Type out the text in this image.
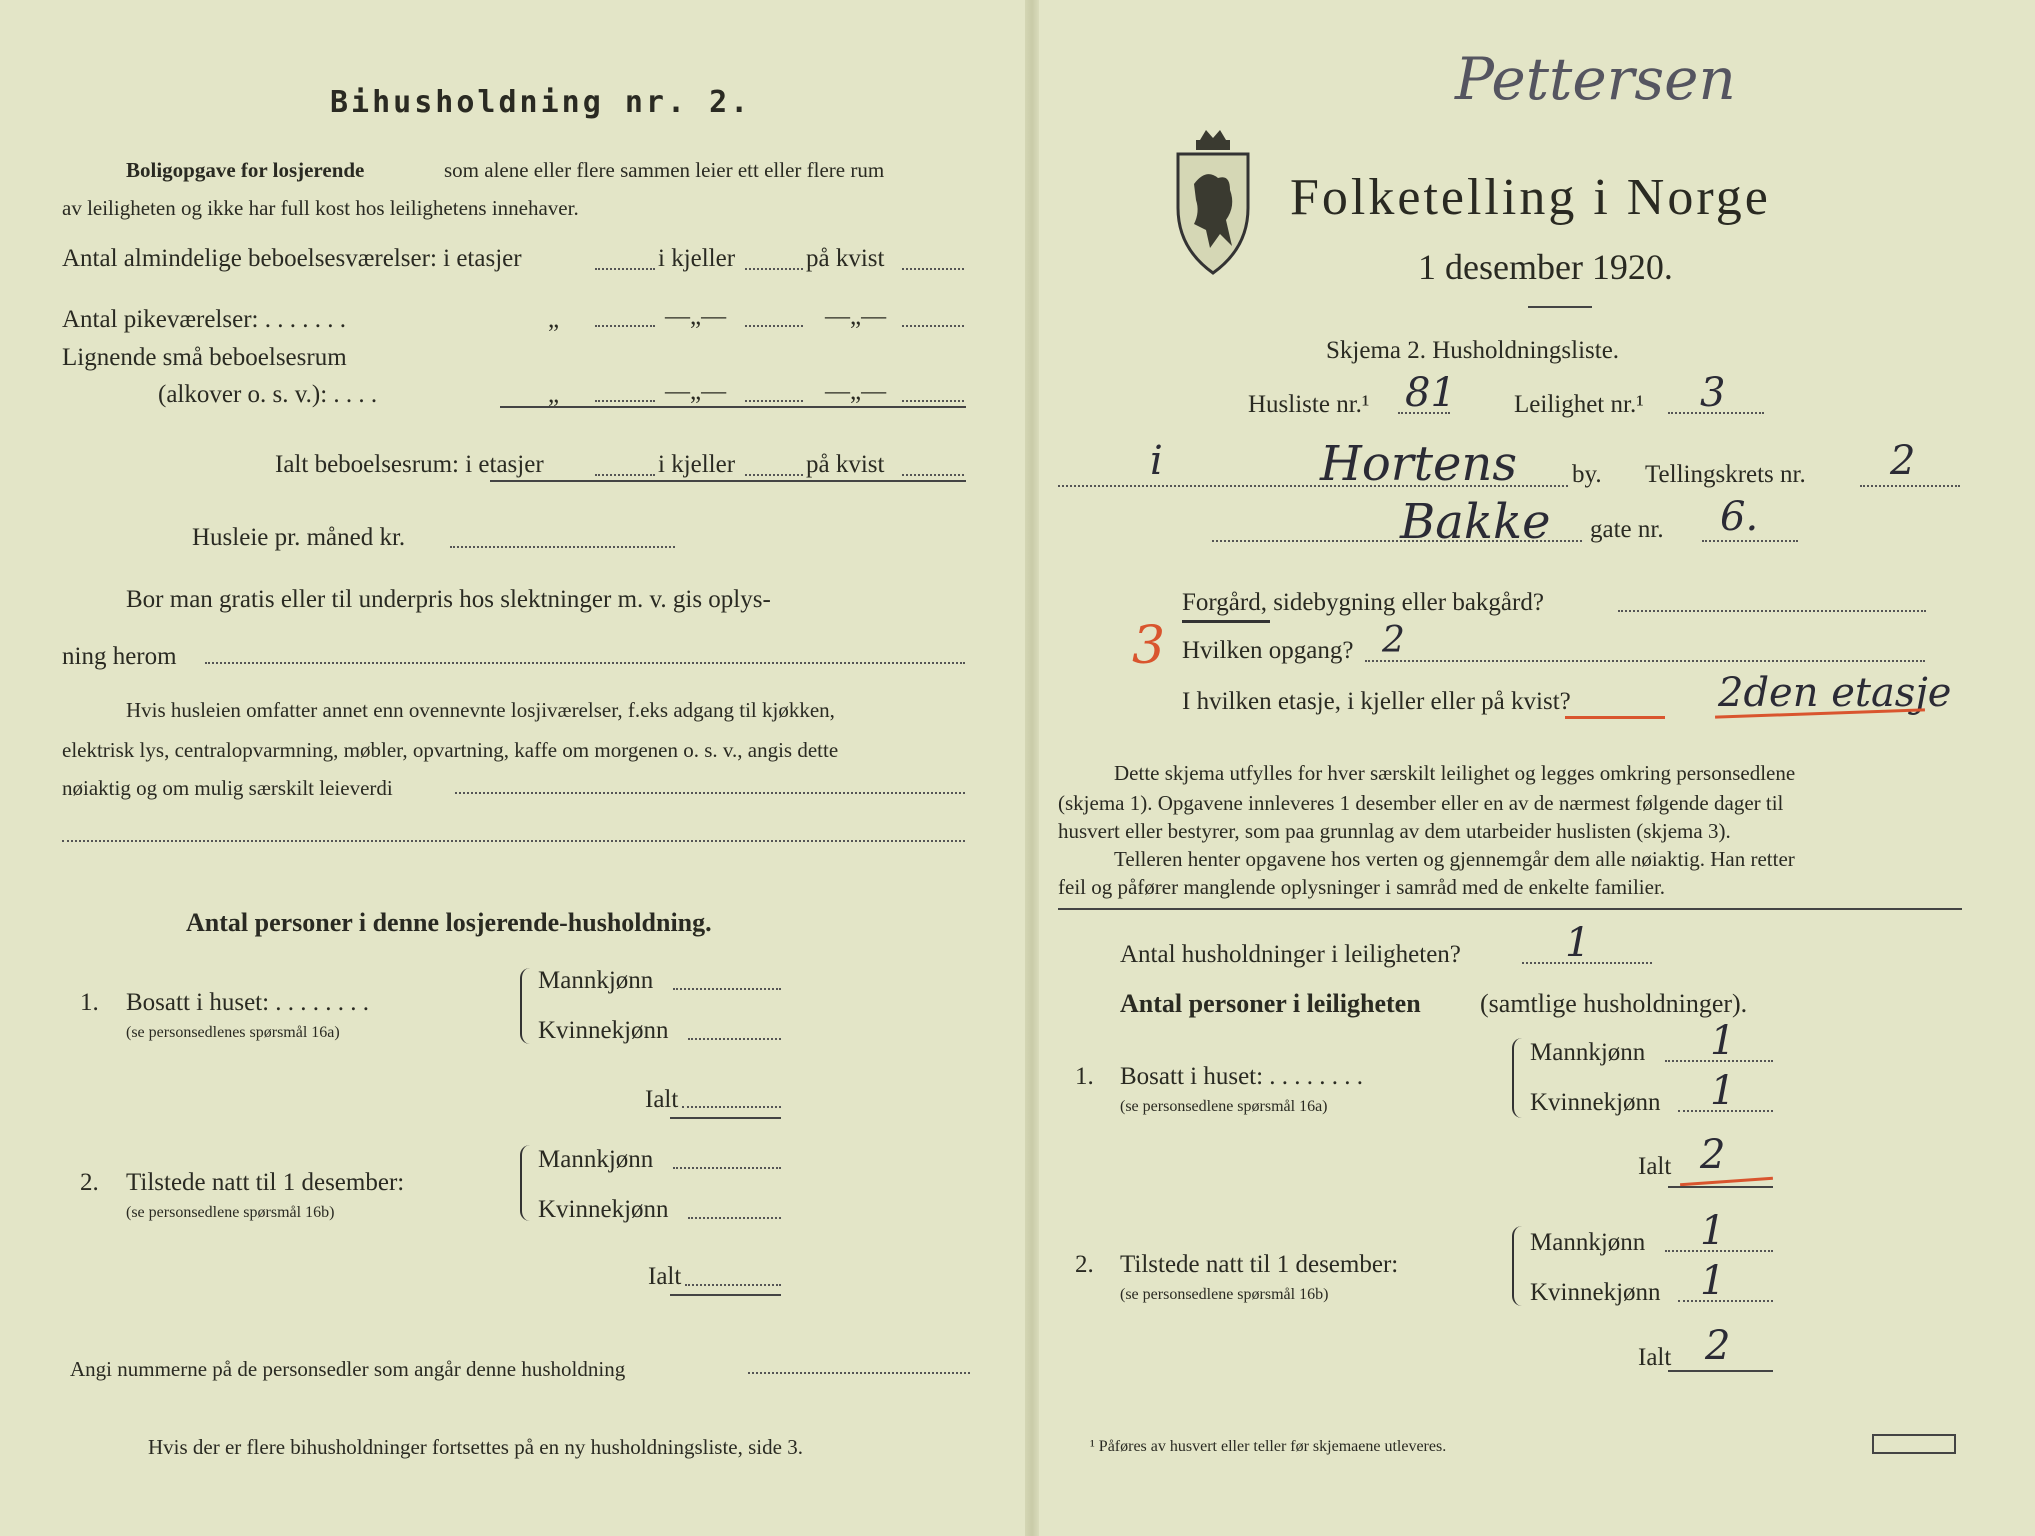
Bihusholdning nr. 2.
Boligopgave for losjerende	som alene eller flere sammen leier ett eller flere rum
av leiligheten og ikke har full kost hos leilighetens innehaver.
Antal almindelige beboelsesværelser: i etasjer	i kjeller	på kvist
Antal pikeværelser: . . . . . . .	„	—„—	—„—
Lignende små beboelsesrum
(alkover o. s. v.): . . . .	„	—„—	—„—
Ialt beboelsesrum: i etasjer	i kjeller	på kvist
Husleie pr. måned kr.
Bor man gratis eller til underpris hos slektninger m. v. gis oplys-
ning herom
Hvis husleien omfatter annet enn ovennevnte losjiværelser, f.eks adgang til kjøkken,
elektrisk lys, centralopvarmning, møbler, opvartning, kaffe om morgenen o. s. v., angis dette
nøiaktig og om mulig særskilt leieverdi
Antal personer i denne losjerende-husholdning.
1. Bosatt i huset: . . . . . . . .
(se personsedlenes spørsmål 16a)
Mannkjønn
Kvinnekjønn
Ialt
2. Tilstede natt til 1 desember:
(se personsedlene spørsmål 16b)
Mannkjønn
Kvinnekjønn
Ialt
Angi nummerne på de personsedler som angår denne husholdning
Hvis der er flere bihusholdninger fortsettes på en ny husholdningsliste, side 3.
Pettersen
Folketelling i Norge
1 desember 1920.
Skjema 2. Husholdningsliste.
Husliste nr.¹ 81 Leilighet nr.¹ 3
i	Hortens by. Tellingskrets nr. 2
Bakke gate nr. 6.
Forgård, sidebygning eller bakgård?
3 Hvilken opgang? 2
I hvilken etasje, i kjeller eller på kvist?	2den etasje
Dette skjema utfylles for hver særskilt leilighet og legges omkring personsedlene
(skjema 1). Opgavene innleveres 1 desember eller en av de nærmest følgende dager til
husvert eller bestyrer, som paa grunnlag av dem utarbeider huslisten (skjema 3).
Telleren henter opgavene hos verten og gjennemgår dem alle nøiaktig. Han retter
feil og påfører manglende oplysninger i samråd med de enkelte familier.
Antal husholdninger i leiligheten?	1
Antal personer i leiligheten (samtlige husholdninger).
1. Bosatt i huset: . . . . . . . .
(se personsedlene spørsmål 16a)
Mannkjønn 1
Kvinnekjønn 1
Ialt 2
2. Tilstede natt til 1 desember:
(se personsedlene spørsmål 16b)
Mannkjønn 1
Kvinnekjønn 1
Ialt 2
¹ Påføres av husvert eller teller før skjemaene utleveres.
